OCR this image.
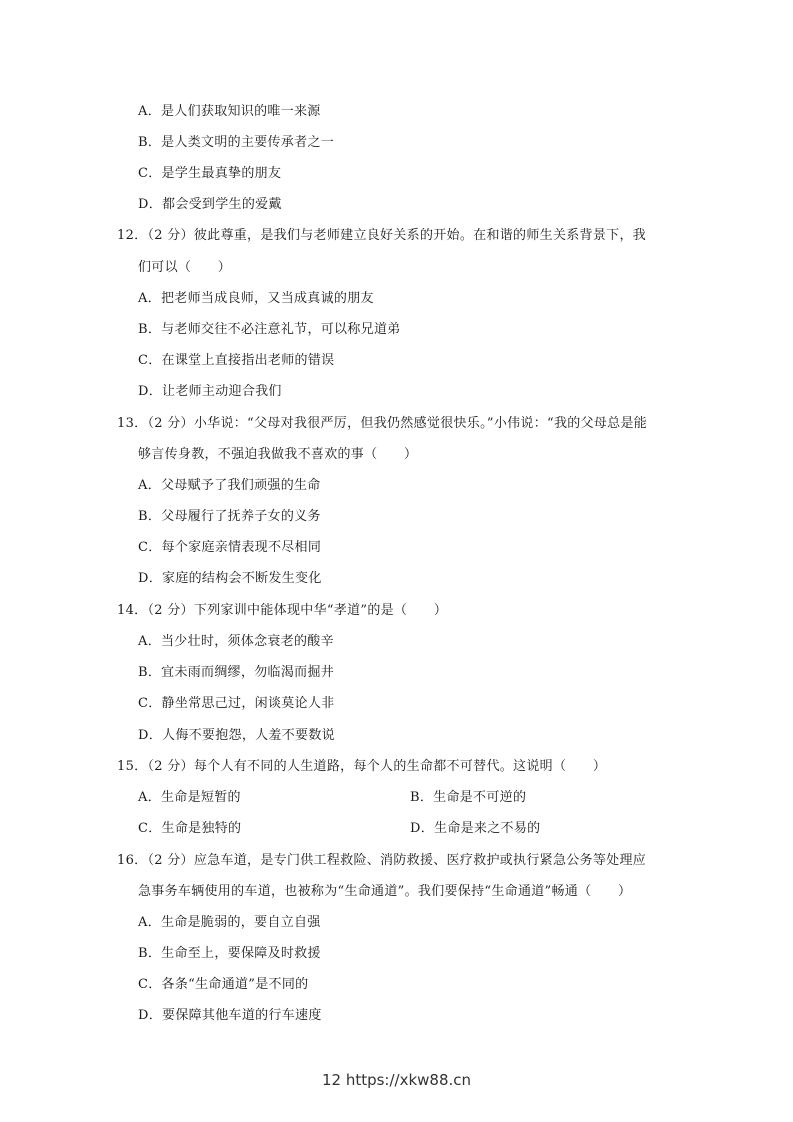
A．是人们获取知识的唯一来源
B．是人类文明的主要传承者之一
C．是学生最真挚的朋友
D．都会受到学生的爱戴
12．（2 分）彼此尊重，是我们与老师建立良好关系的开始。在和谐的师生关系背景下，我
们可以（　　）
A．把老师当成良师，又当成真诚的朋友
B．与老师交往不必注意礼节，可以称兄道弟
C．在课堂上直接指出老师的错误
D．让老师主动迎合我们
13．（2 分）小华说：“父母对我很严厉，但我仍然感觉很快乐。”小伟说：“我的父母总是能
够言传身教，不强迫我做我不喜欢的事（　　）
A．父母赋予了我们顽强的生命
B．父母履行了抚养子女的义务
C．每个家庭亲情表现不尽相同
D．家庭的结构会不断发生变化
14．（2 分）下列家训中能体现中华“孝道”的是（　　）
A．当少壮时，须体念衰老的酸辛
B．宜未雨而绸缪，勿临渴而掘井
C．静坐常思己过，闲谈莫论人非
D．人侮不要抱怨，人羞不要数说
15．（2 分）每个人有不同的人生道路，每个人的生命都不可替代。这说明（　　）
A．生命是短暂的	B．生命是不可逆的
C．生命是独特的	D．生命是来之不易的
16．（2 分）应急车道，是专门供工程救险、消防救援、医疗救护或执行紧急公务等处理应
急事务车辆使用的车道，也被称为“生命通道”。我们要保持“生命通道”畅通（　　）
A．生命是脆弱的，要自立自强
B．生命至上，要保障及时救援
C．各条“生命通道”是不同的
D．要保障其他车道的行车速度
12 https://xkw88.cn
